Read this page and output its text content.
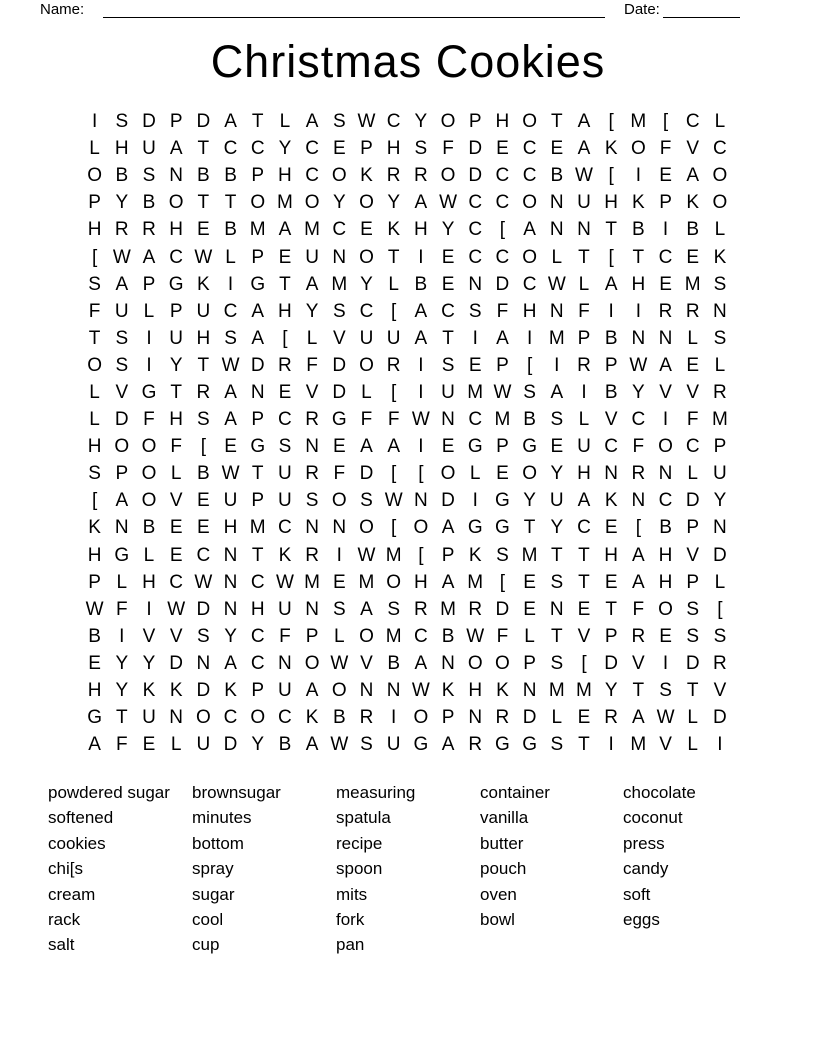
Name:	Date:
Christmas Cookies
I S D P D A T L A S W C Y O P H O T A [ M [ C L
L H U A T C C Y C E P H S F D E C E A K O F V C
O B S N B B P H C O K R R O D C C B W [	I E A O
P Y B O T T O M O Y O Y A W C C O N U H K P K O
H R R H E B M A M C E K H Y C [ A N N T B I B L
[ W A C W L P E U N O T I E C C O L T [ T C E K
S A P G K I G T A M Y L B E N D C W L A H E M S
F U L P U C A H Y S C [ A C S F H N F I	I R R N
T S I U H S A [	L V U U A T I A I M P B N N L S
O S I Y T W D R F D O R I S E P [	I R P W A E L
L V G T R A N E V D L	[	I U M W S A I B Y V V R
L D F H S A P C R G F F W N C M B S L V C I F M
H O O F [ E G S N E A A I E G P G E U C F O C P
S P O L B W T U R F D [	[ O L E O Y H N R N L U
[ A O V E U P U S O S W N D I G Y U A K N C D Y
K N B E E H M C N N O [ O A G G T Y C E [ B P N
H G L E C N T K R I W M [ P K S M T T H A H V D
P L H C W N C W M E M O H A M [ E S T E A H P L
W F I W D N H U N S A S R M R D E N E T F O S [
B I V V S Y C F P L O M C B W F L T V P R E S S
E Y Y D N A C N O W V B A N O O P S [ D V I D R
H Y K K D K P U A O N N W K H K N M M Y T S T V
G T U N O C O C K B R I O P N R D L E R A W L D
A F E L U D Y B A W S U G A R G G S T I M V L	I
powdered sugar
softened
cookies
chi[s
cream
rack
salt
brownsugar
minutes
bottom
spray
sugar
cool
cup
measuring
spatula
recipe
spoon
mits
fork
pan
container
vanilla
butter
pouch
oven
bowl
chocolate
coconut
press
candy
soft
eggs
